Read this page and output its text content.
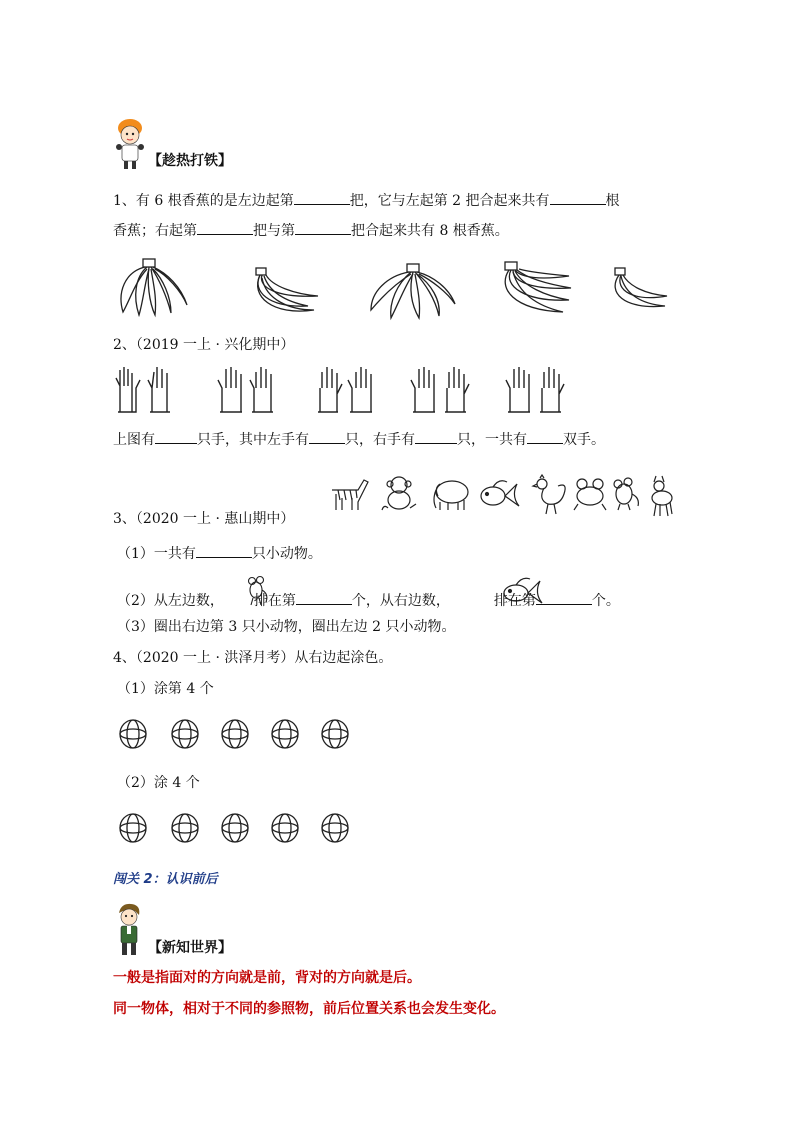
【趁热打铁】
1、有 6 根香蕉的是左边起第	把，它与左起第 2 把合起来共有	根
香蕉；右起第	把与第	把合起来共有 8 根香蕉。
2、（2019 一上 · 兴化期中）
上图有	只手，其中左手有	只，右手有	只，一共有	双手。
3、（2020 一上 · 惠山期中）
（1）一共有	只小动物。
（2）从左边数， 排在第	个，从右边数，	排在第	个。
（3）圈出右边第 3 只小动物，圈出左边 2 只小动物。
4、（2020 一上 · 洪泽月考）从右边起涂色。
（1）涂第 4 个
（2）涂 4 个
闯关 2：认识前后
【新知世界】
一般是指面对的方向就是前，背对的方向就是后。
同一物体，相对于不同的参照物，前后位置关系也会发生变化。
